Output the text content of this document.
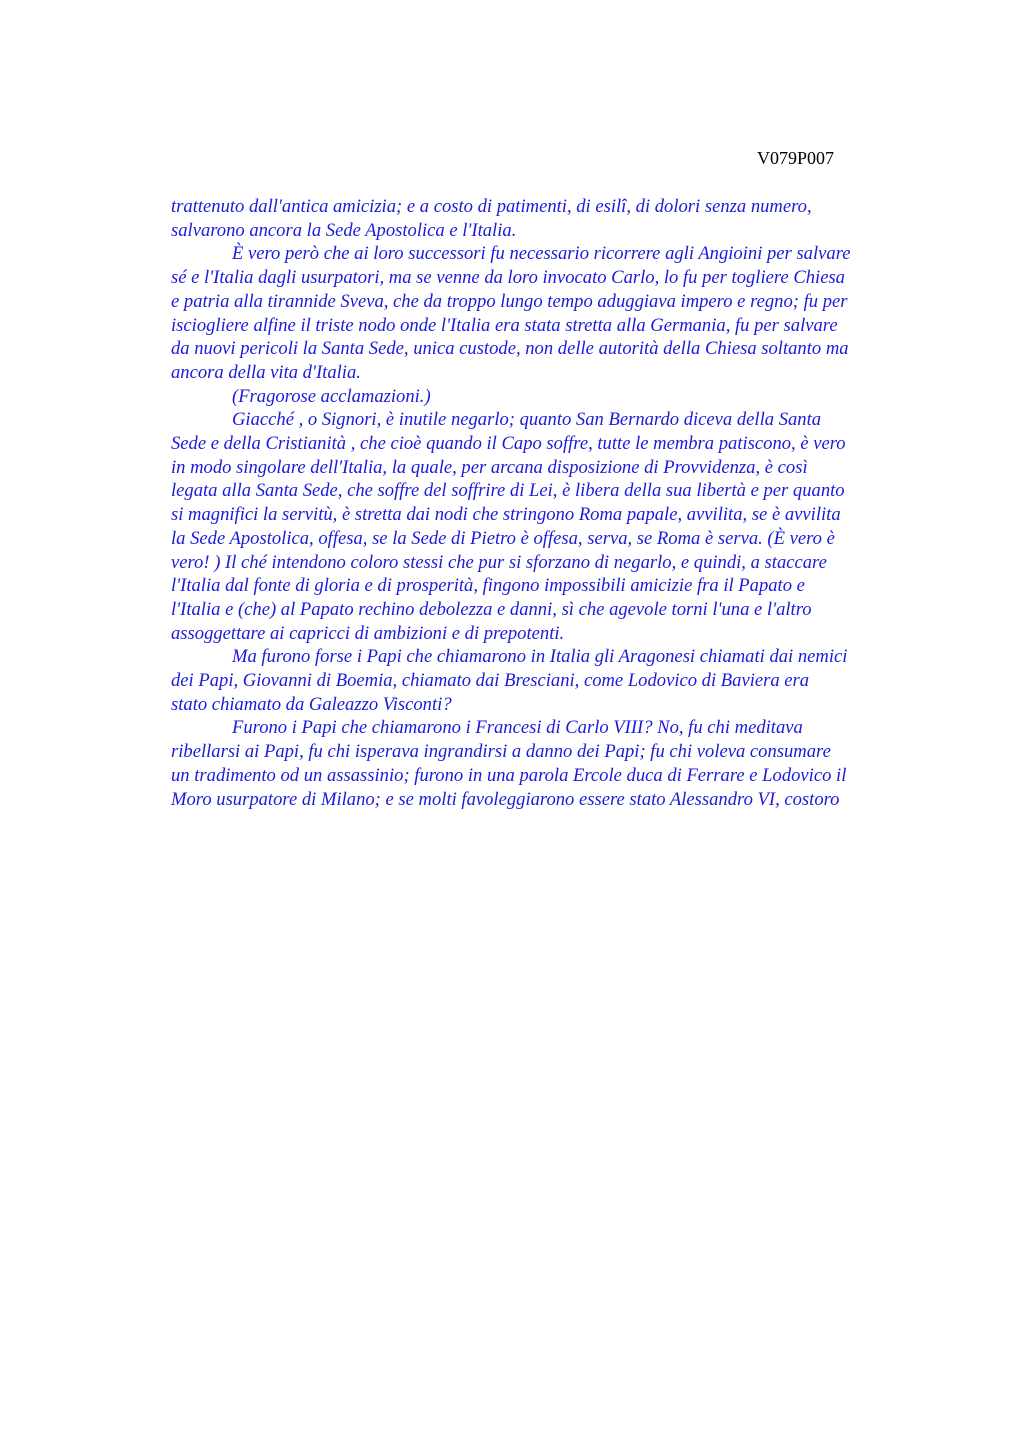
V079P007
trattenuto dall'antica amicizia; e a costo di patimenti, di esilî, di dolori senza numero,
salvarono ancora la Sede Apostolica e l'Italia.
È vero però che ai loro successori fu necessario ricorrere agli Angioini per salvare
sé e l'Italia dagli usurpatori, ma se venne da loro invocato Carlo, lo fu per togliere Chiesa
e patria alla tirannide Sveva, che da troppo lungo tempo aduggiava impero e regno; fu per
isciogliere alfine il triste nodo onde l'Italia era stata stretta alla Germania, fu per salvare
da nuovi pericoli la Santa Sede, unica custode, non delle autorità della Chiesa soltanto ma
ancora della vita d'Italia.
(Fragorose acclamazioni.)
Giacché , o Signori, è inutile negarlo; quanto San Bernardo diceva della Santa
Sede e della Cristianità , che cioè quando il Capo soffre, tutte le membra patiscono, è vero
in modo singolare dell'Italia, la quale, per arcana disposizione di Provvidenza, è così
legata alla Santa Sede, che soffre del soffrire di Lei, è libera della sua libertà e per quanto
si magnifici la servitù, è stretta dai nodi che stringono Roma papale, avvilita, se è avvilita
la Sede Apostolica, offesa, se la Sede di Pietro è offesa, serva, se Roma è serva. (È vero è
vero! ) Il ché intendono coloro stessi che pur si sforzano di negarlo, e quindi, a staccare
l'Italia dal fonte di gloria e di prosperità, fingono impossibili amicizie fra il Papato e
l'Italia e (che) al Papato rechino debolezza e danni, sì che agevole torni l'una e l'altro
assoggettare ai capricci di ambizioni e di prepotenti.
Ma furono forse i Papi che chiamarono in Italia gli Aragonesi chiamati dai nemici
dei Papi, Giovanni di Boemia, chiamato dai Bresciani, come Lodovico di Baviera era
stato chiamato da Galeazzo Visconti?
Furono i Papi che chiamarono i Francesi di Carlo VIII? No, fu chi meditava
ribellarsi ai Papi, fu chi isperava ingrandirsi a danno dei Papi; fu chi voleva consumare
un tradimento od un assassinio; furono in una parola Ercole duca di Ferrare e Lodovico il
Moro usurpatore di Milano; e se molti favoleggiarono essere stato Alessandro VI, costoro
